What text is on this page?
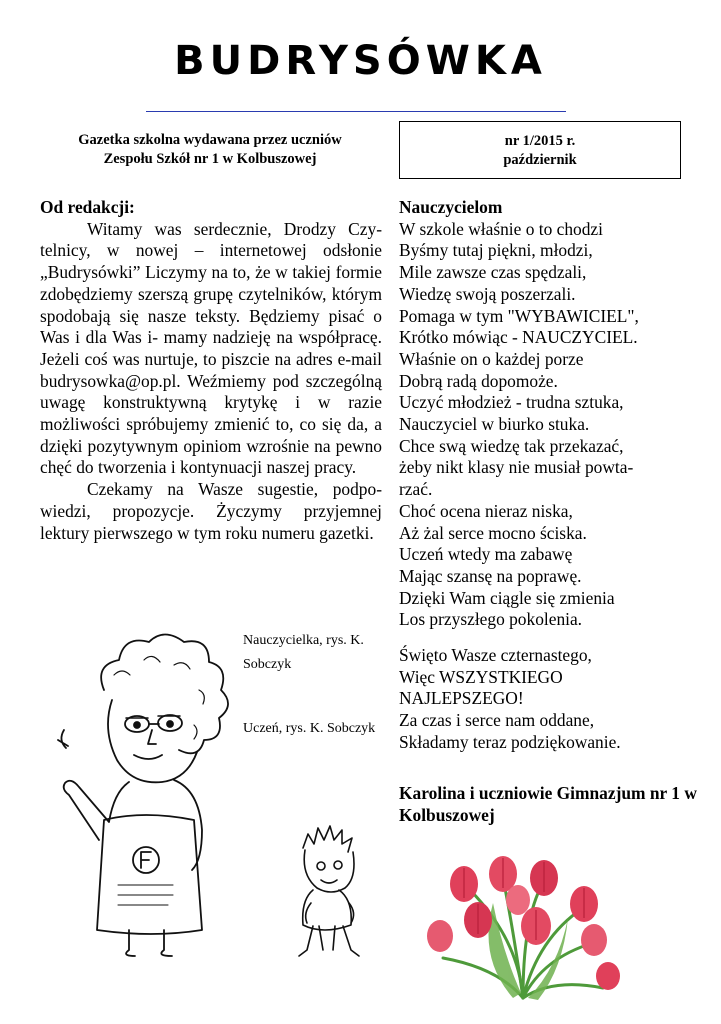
BUDRYSÓWKA
Gazetka szkolna wydawana przez uczniów
Zespołu Szkół nr 1 w Kolbuszowej
nr 1/2015 r.
październik
Od redakcji:

Witamy was serdecznie, Drodzy Czytelnicy, w nowej – internetowej odsłonie „Budrysówki” Liczymy na to, że w takiej formie zdobędziemy szerszą grupę czytelników, którym spodobają się nasze teksty. Będziemy pisać o Was i dla Was i- mamy nadzieję na współpracę. Jeżeli coś was nurtuje, to piszcie na adres e-mail budrysowka@op.pl. Weźmiemy pod szczególną uwagę konstruktywną krytykę i w razie możliwości spróbujemy zmienić to, co się da, a dzięki pozytywnym opiniom wzrośnie na pewno chęć do tworzenia i kontynuacji naszej pracy.

Czekamy na Wasze sugestie, podpowiedzi, propozycje. Życzymy przyjemnej lektury pierwszego w tym roku numeru gazetki.

Nauczycielom
W szkole właśnie o to chodzi
Byśmy tutaj piękni, młodzi,
Mile zawsze czas spędzali,
Wiedzę swoją poszerzali.
Pomaga w tym "WYBAWICIEL",
Krótko mówiąc - NAUCZYCIEL.
Właśnie on o każdej porze
Dobrą radą dopomoże.
Uczyć młodzież - trudna sztuka,
Nauczyciel w biurko stuka.
Chce swą wiedzę tak przekazać,
żeby nikt klasy nie musiał powta-
rzać.
Choć ocena nieraz niska,
Aż żal serce mocno ściska.
Uczeń wtedy ma zabawę
Mając szansę na poprawę.
Dzięki Wam ciągle się zmienia
Los przyszłego pokolenia.
Święto Wasze czternastego,
Więc WSZYSTKIEGO
NAJLEPSZEGO!
Za czas i serce nam oddane,
Składamy teraz podziękowanie.
Karolina i uczniowie Gimnazjum nr 1 w Kolbuszowej
Nauczycielka, rys. K. Sobczyk
Uczeń, rys. K. Sobczyk
